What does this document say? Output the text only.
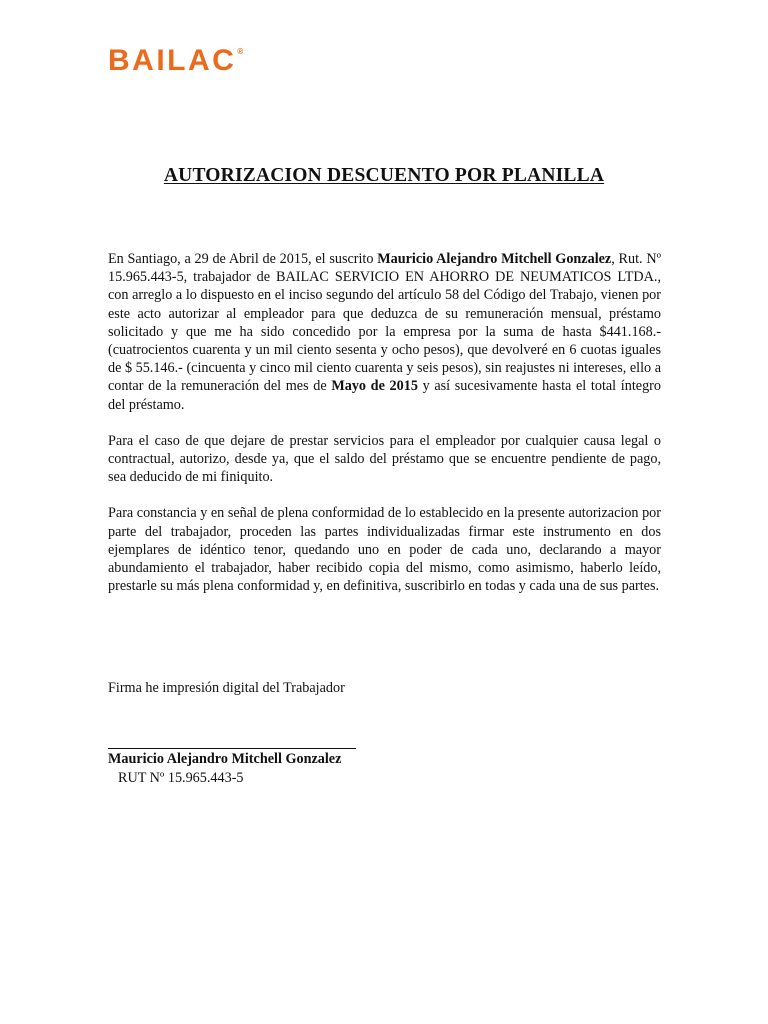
BAILAC®
AUTORIZACION DESCUENTO POR PLANILLA

En Santiago, a 29 de Abril de 2015, el suscrito Mauricio Alejandro Mitchell Gonzalez, Rut. Nº 15.965.443-5, trabajador de BAILAC SERVICIO EN AHORRO DE NEUMATICOS LTDA., con arreglo a lo dispuesto en el inciso segundo del artículo 58 del Código del Trabajo, vienen por este acto autorizar al empleador para que deduzca de su remuneración mensual, préstamo solicitado y que me ha sido concedido por la empresa por la suma de hasta $441.168.- (cuatrocientos cuarenta y un mil ciento sesenta y ocho pesos), que devolveré en 6 cuotas iguales de $ 55.146.- (cincuenta y cinco mil ciento cuarenta y seis pesos), sin reajustes ni intereses, ello a contar de la remuneración del mes de Mayo de 2015 y así sucesivamente hasta el total íntegro del préstamo.

Para el caso de que dejare de prestar servicios para el empleador por cualquier causa legal o contractual, autorizo, desde ya, que el saldo del préstamo que se encuentre pendiente de pago, sea deducido de mi finiquito.

Para constancia y en señal de plena conformidad de lo establecido en la presente autorizacion por parte del trabajador, proceden las partes individualizadas firmar este instrumento en dos ejemplares de idéntico tenor, quedando uno en poder de cada uno, declarando a mayor abundamiento el trabajador, haber recibido copia del mismo, como asimismo, haberlo leído, prestarle su más plena conformidad y, en definitiva, suscribirlo en todas y cada una de sus partes.

Firma he impresión digital del Trabajador
Mauricio Alejandro Mitchell Gonzalez
RUT Nº 15.965.443-5
